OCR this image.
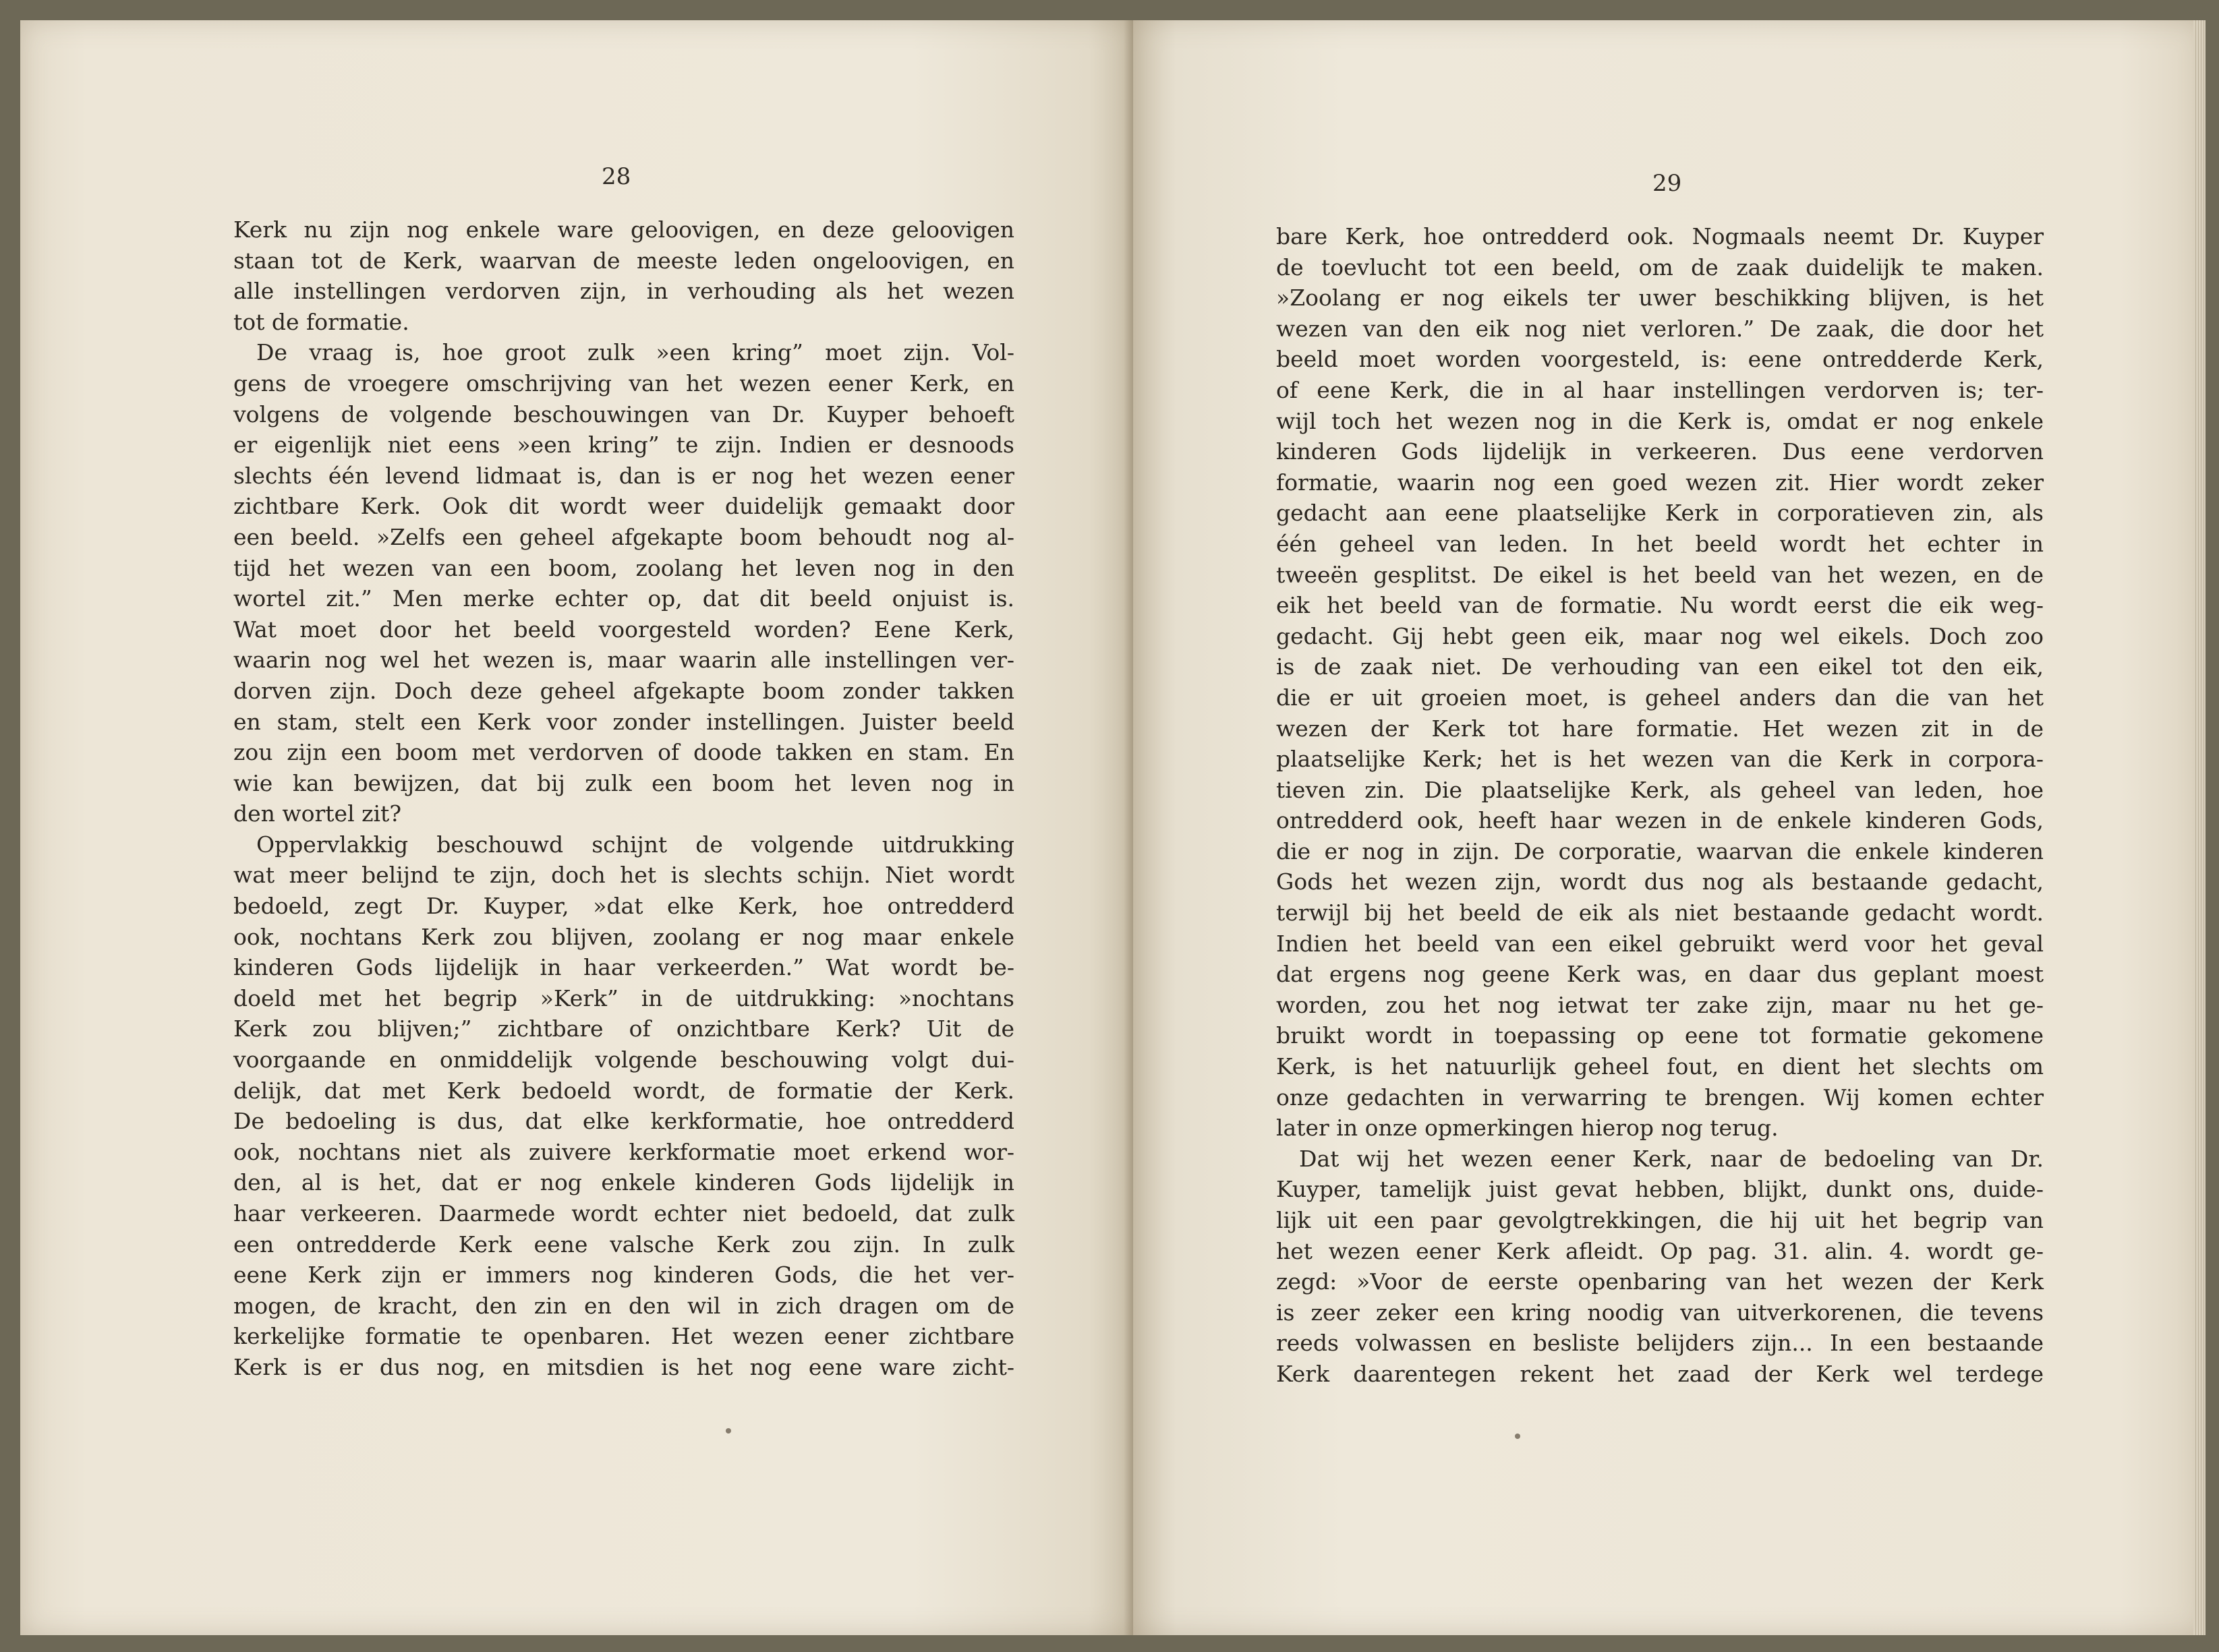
28
Kerk nu zijn nog enkele ware geloovigen, en deze geloovigen
staan tot de Kerk, waarvan de meeste leden ongeloovigen, en
alle instellingen verdorven zijn, in verhouding als het wezen
tot de formatie.
De vraag is, hoe groot zulk »een kring” moet zijn. Vol-
gens de vroegere omschrijving van het wezen eener Kerk, en
volgens de volgende beschouwingen van Dr. Kuyper behoeft
er eigenlijk niet eens »een kring” te zijn. Indien er desnoods
slechts één levend lidmaat is, dan is er nog het wezen eener
zichtbare Kerk. Ook dit wordt weer duidelijk gemaakt door
een beeld. »Zelfs een geheel afgekapte boom behoudt nog al-
tijd het wezen van een boom, zoolang het leven nog in den
wortel zit.” Men merke echter op, dat dit beeld onjuist is.
Wat moet door het beeld voorgesteld worden? Eene Kerk,
waarin nog wel het wezen is, maar waarin alle instellingen ver-
dorven zijn. Doch deze geheel afgekapte boom zonder takken
en stam, stelt een Kerk voor zonder instellingen. Juister beeld
zou zijn een boom met verdorven of doode takken en stam. En
wie kan bewijzen, dat bij zulk een boom het leven nog in
den wortel zit?
Oppervlakkig beschouwd schijnt de volgende uitdrukking
wat meer belijnd te zijn, doch het is slechts schijn. Niet wordt
bedoeld, zegt Dr. Kuyper, »dat elke Kerk, hoe ontredderd
ook, nochtans Kerk zou blijven, zoolang er nog maar enkele
kinderen Gods lijdelijk in haar verkeerden.” Wat wordt be-
doeld met het begrip »Kerk” in de uitdrukking: »nochtans
Kerk zou blijven;” zichtbare of onzichtbare Kerk? Uit de
voorgaande en onmiddelijk volgende beschouwing volgt dui-
delijk, dat met Kerk bedoeld wordt, de formatie der Kerk.
De bedoeling is dus, dat elke kerkformatie, hoe ontredderd
ook, nochtans niet als zuivere kerkformatie moet erkend wor-
den, al is het, dat er nog enkele kinderen Gods lijdelijk in
haar verkeeren. Daarmede wordt echter niet bedoeld, dat zulk
een ontredderde Kerk eene valsche Kerk zou zijn. In zulk
eene Kerk zijn er immers nog kinderen Gods, die het ver-
mogen, de kracht, den zin en den wil in zich dragen om de
kerkelijke formatie te openbaren. Het wezen eener zichtbare
Kerk is er dus nog, en mitsdien is het nog eene ware zicht-
29
bare Kerk, hoe ontredderd ook. Nogmaals neemt Dr. Kuyper
de toevlucht tot een beeld, om de zaak duidelijk te maken.
»Zoolang er nog eikels ter uwer beschikking blijven, is het
wezen van den eik nog niet verloren.” De zaak, die door het
beeld moet worden voorgesteld, is: eene ontredderde Kerk,
of eene Kerk, die in al haar instellingen verdorven is; ter-
wijl toch het wezen nog in die Kerk is, omdat er nog enkele
kinderen Gods lijdelijk in verkeeren. Dus eene verdorven
formatie, waarin nog een goed wezen zit. Hier wordt zeker
gedacht aan eene plaatselijke Kerk in corporatieven zin, als
één geheel van leden. In het beeld wordt het echter in
tweeën gesplitst. De eikel is het beeld van het wezen, en de
eik het beeld van de formatie. Nu wordt eerst die eik weg-
gedacht. Gij hebt geen eik, maar nog wel eikels. Doch zoo
is de zaak niet. De verhouding van een eikel tot den eik,
die er uit groeien moet, is geheel anders dan die van het
wezen der Kerk tot hare formatie. Het wezen zit in de
plaatselijke Kerk; het is het wezen van die Kerk in corpora-
tieven zin. Die plaatselijke Kerk, als geheel van leden, hoe
ontredderd ook, heeft haar wezen in de enkele kinderen Gods,
die er nog in zijn. De corporatie, waarvan die enkele kinderen
Gods het wezen zijn, wordt dus nog als bestaande gedacht,
terwijl bij het beeld de eik als niet bestaande gedacht wordt.
Indien het beeld van een eikel gebruikt werd voor het geval
dat ergens nog geene Kerk was, en daar dus geplant moest
worden, zou het nog ietwat ter zake zijn, maar nu het ge-
bruikt wordt in toepassing op eene tot formatie gekomene
Kerk, is het natuurlijk geheel fout, en dient het slechts om
onze gedachten in verwarring te brengen. Wij komen echter
later in onze opmerkingen hierop nog terug.
Dat wij het wezen eener Kerk, naar de bedoeling van Dr.
Kuyper, tamelijk juist gevat hebben, blijkt, dunkt ons, duide-
lijk uit een paar gevolgtrekkingen, die hij uit het begrip van
het wezen eener Kerk afleidt. Op pag. 31. alin. 4. wordt ge-
zegd: »Voor de eerste openbaring van het wezen der Kerk
is zeer zeker een kring noodig van uitverkorenen, die tevens
reeds volwassen en besliste belijders zijn... In een bestaande
Kerk daarentegen rekent het zaad der Kerk wel terdege
